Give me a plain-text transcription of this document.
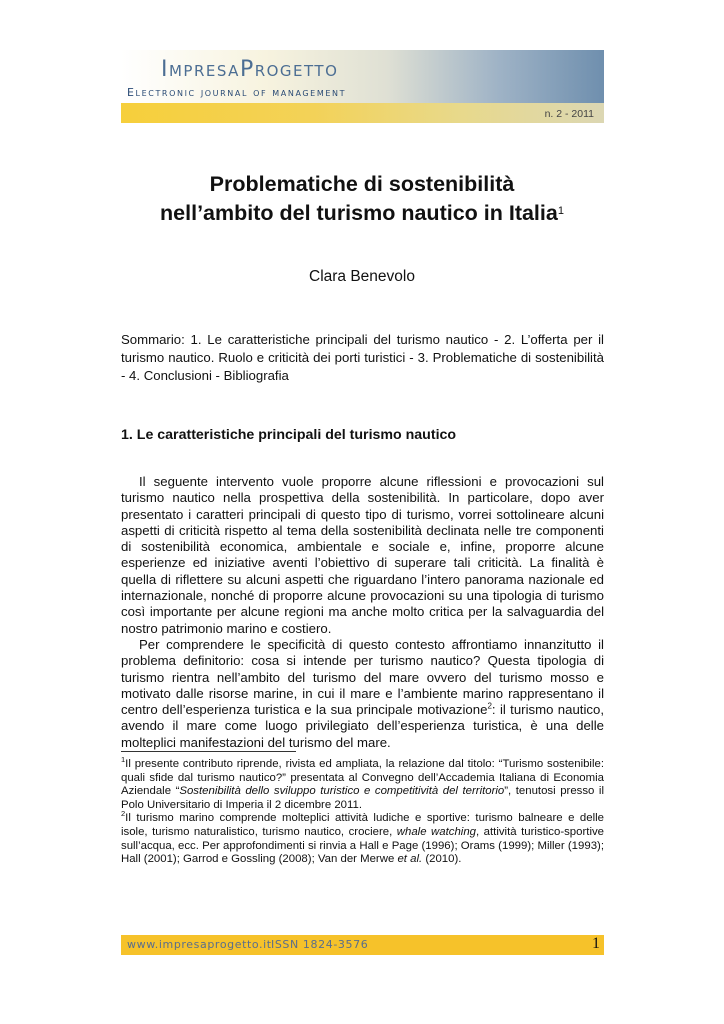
ImpresaProgetto
Electronic journal of management
n. 2 - 2011
Problematiche di sostenibilità
nell’ambito del turismo nautico in Italia$^1$
Clara Benevolo
Sommario: 1. Le caratteristiche principali del turismo nautico - 2. L’offerta per il turismo nautico. Ruolo e criticità dei porti turistici - 3. Problematiche di sostenibilità - 4. Conclusioni - Bibliografia
1. Le caratteristiche principali del turismo nautico

Il seguente intervento vuole proporre alcune riflessioni e provocazioni sul turismo nautico nella prospettiva della sostenibilità. In particolare, dopo aver presentato i caratteri principali di questo tipo di turismo, vorrei sottolineare alcuni aspetti di criticità rispetto al tema della sostenibilità declinata nelle tre componenti di sostenibilità economica, ambientale e sociale e, infine, proporre alcune esperienze ed iniziative aventi l’obiettivo di superare tali criticità. La finalità è quella di riflettere su alcuni aspetti che riguardano l’intero panorama nazionale ed internazionale, nonché di proporre alcune provocazioni su una tipologia di turismo così importante per alcune regioni ma anche molto critica per la salvaguardia del nostro patrimonio marino e costiero.

Per comprendere le specificità di questo contesto affrontiamo innanzitutto il problema definitorio: cosa si intende per turismo nautico? Questa tipologia di turismo rientra nell’ambito del turismo del mare ovvero del turismo mosso e motivato dalle risorse marine, in cui il mare e l’ambiente marino rappresentano il centro dell’esperienza turistica e la sua principale motivazione$^2$: il turismo nautico, avendo il mare come luogo privilegiato dell’esperienza turistica, è una delle molteplici manifestazioni del turismo del mare.

$^1$Il presente contributo riprende, rivista ed ampliata, la relazione dal titolo: “Turismo sostenibile: quali sfide dal turismo nautico?” presentata al Convegno dell’Accademia Italiana di Economia Aziendale “Sostenibilità dello sviluppo turistico e competitività del territorio”, tenutosi presso il Polo Universitario di Imperia il 2 dicembre 2011.

$^2$Il turismo marino comprende molteplici attività ludiche e sportive: turismo balneare e delle isole, turismo naturalistico, turismo nautico, crociere, whale watching, attività turistico-sportive sull’acqua, ecc. Per approfondimenti si rinvia a Hall e Page (1996); Orams (1999); Miller (1993); Hall (2001); Garrod e Gossling (2008); Van der Merwe et al. (2010).

www.impresaprogetto.it ISSN 1824-3576	1
